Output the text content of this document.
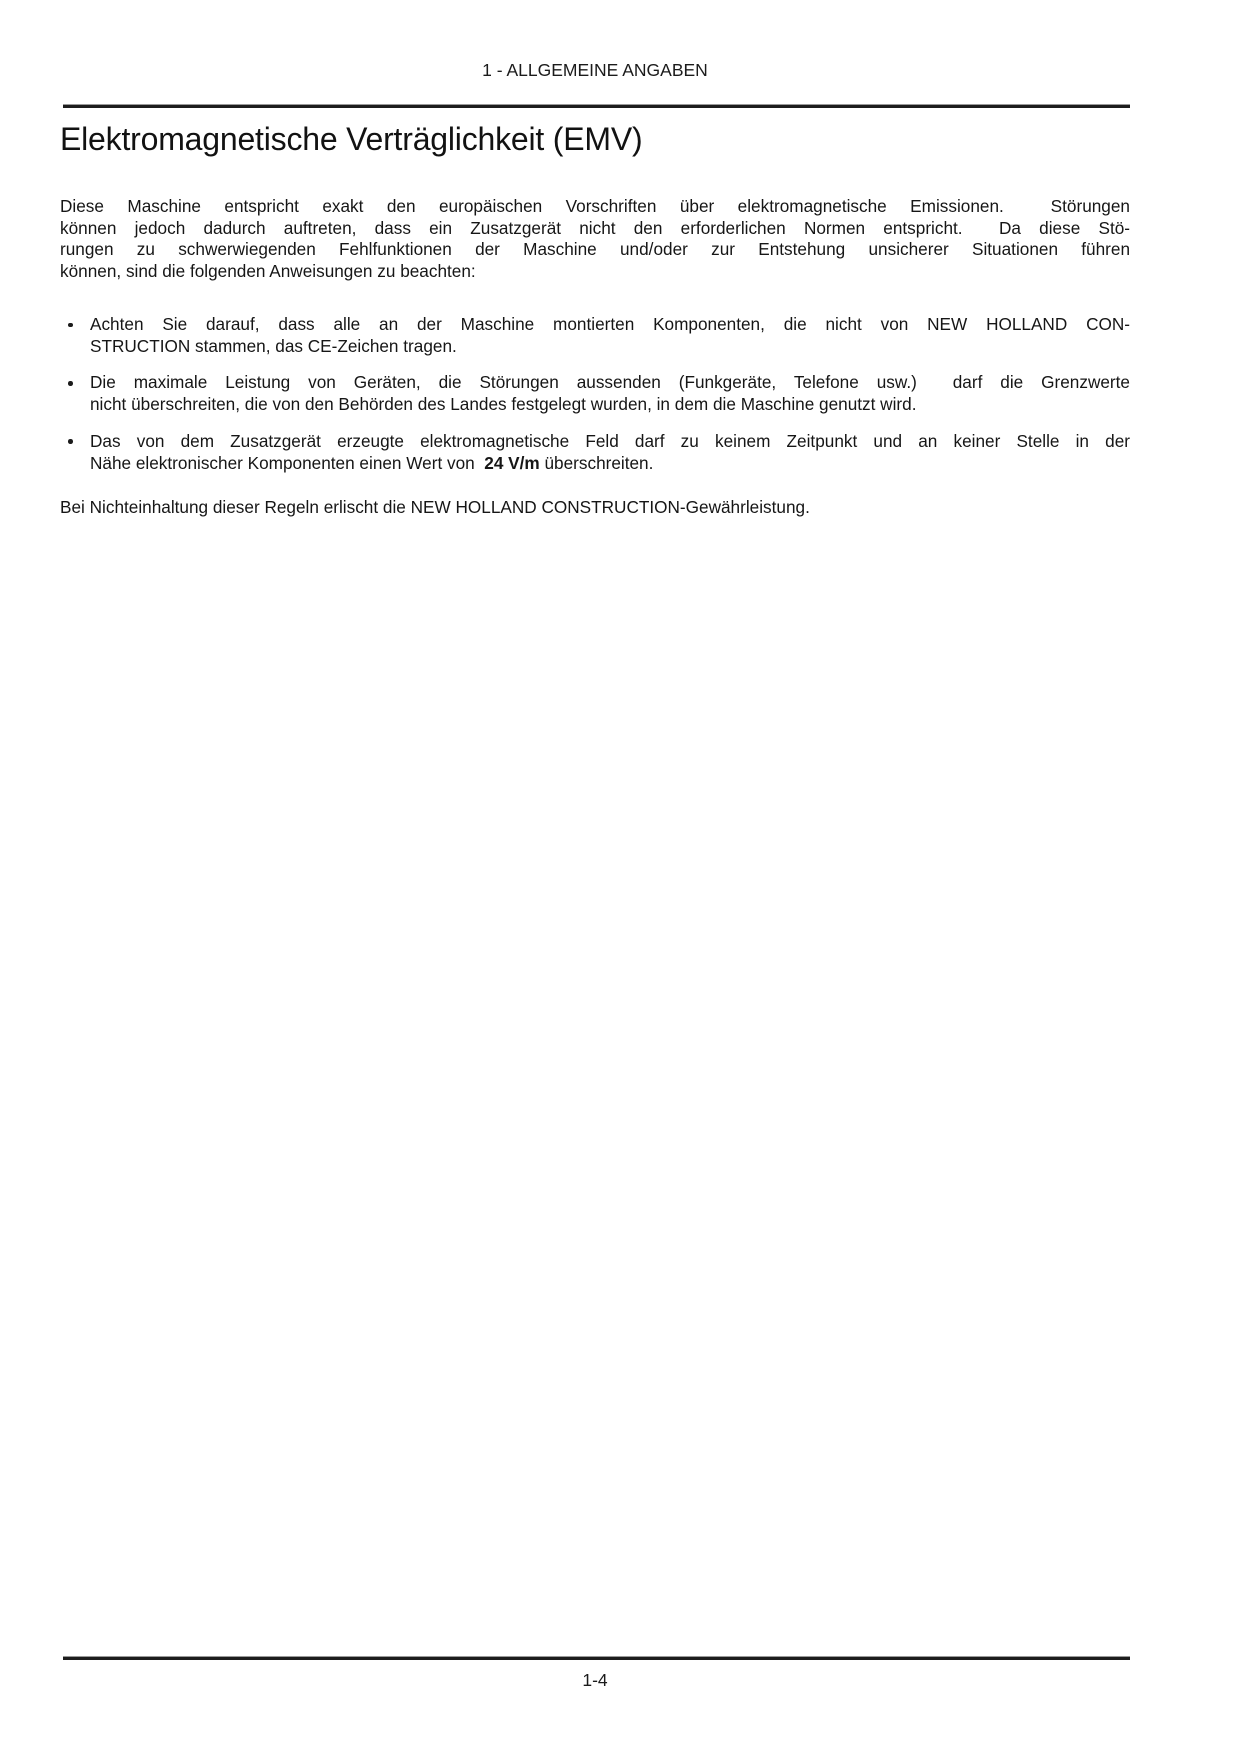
1 - ALLGEMEINE ANGABEN
Elektromagnetische Verträglichkeit (EMV)
Diese Maschine entspricht exakt den europäischen Vorschriften über elektromagnetische Emissionen.  Störungen
können jedoch dadurch auftreten, dass ein Zusatzgerät nicht den erforderlichen Normen entspricht.  Da diese Stö-
rungen zu schwerwiegenden Fehlfunktionen der Maschine und/oder zur Entstehung unsicherer Situationen führen
können, sind die folgenden Anweisungen zu beachten:
Achten Sie darauf, dass alle an der Maschine montierten Komponenten, die nicht von NEW HOLLAND CON-
STRUCTION stammen, das CE-Zeichen tragen.
Die maximale Leistung von Geräten, die Störungen aussenden (Funkgeräte, Telefone usw.)  darf die Grenzwerte
nicht überschreiten, die von den Behörden des Landes festgelegt wurden, in dem die Maschine genutzt wird.
Das von dem Zusatzgerät erzeugte elektromagnetische Feld darf zu keinem Zeitpunkt und an keiner Stelle in der
Nähe elektronischer Komponenten einen Wert von  24 V/m überschreiten.
Bei Nichteinhaltung dieser Regeln erlischt die NEW HOLLAND CONSTRUCTION-Gewährleistung.
1-4
